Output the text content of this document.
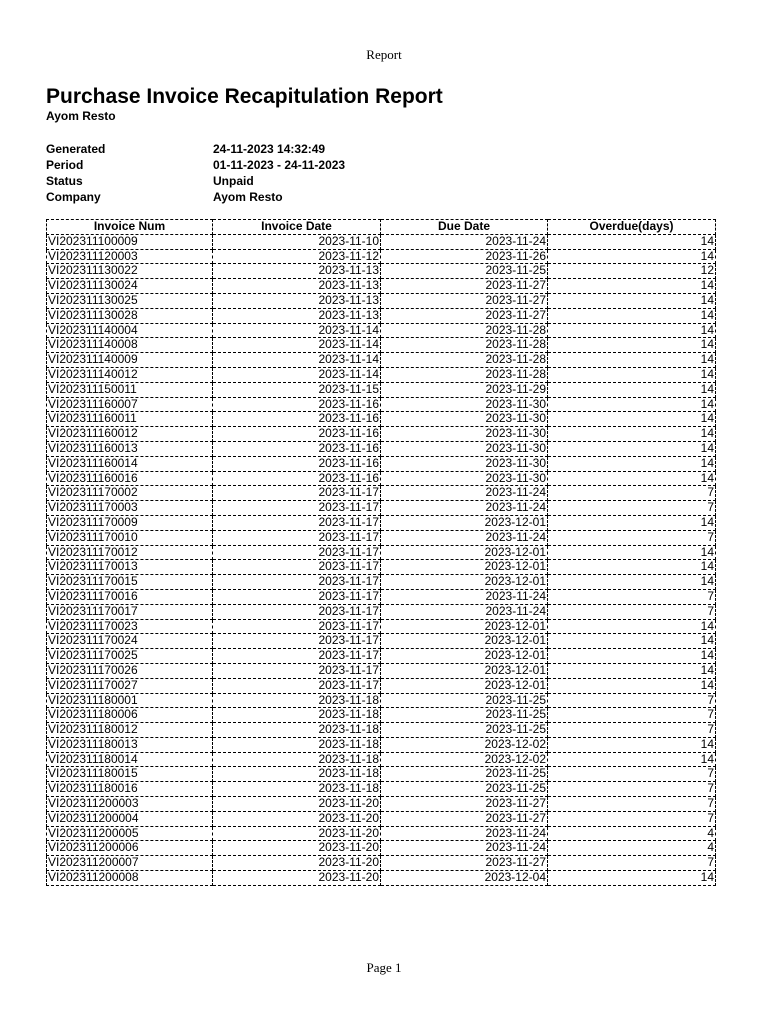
Report
Purchase Invoice Recapitulation Report
Ayom Resto
Generated	24-11-2023 14:32:49
Period	01-11-2023 - 24-11-2023
Status	Unpaid
Company	Ayom Resto
Invoice Num	Invoice Date	Due Date	Overdue(days)
VI202311100009	2023-11-10	2023-11-24	14
VI202311120003	2023-11-12	2023-11-26	14
VI202311130022	2023-11-13	2023-11-25	12
VI202311130024	2023-11-13	2023-11-27	14
VI202311130025	2023-11-13	2023-11-27	14
VI202311130028	2023-11-13	2023-11-27	14
VI202311140004	2023-11-14	2023-11-28	14
VI202311140008	2023-11-14	2023-11-28	14
VI202311140009	2023-11-14	2023-11-28	14
VI202311140012	2023-11-14	2023-11-28	14
VI202311150011	2023-11-15	2023-11-29	14
VI202311160007	2023-11-16	2023-11-30	14
VI202311160011	2023-11-16	2023-11-30	14
VI202311160012	2023-11-16	2023-11-30	14
VI202311160013	2023-11-16	2023-11-30	14
VI202311160014	2023-11-16	2023-11-30	14
VI202311160016	2023-11-16	2023-11-30	14
VI202311170002	2023-11-17	2023-11-24	7
VI202311170003	2023-11-17	2023-11-24	7
VI202311170009	2023-11-17	2023-12-01	14
VI202311170010	2023-11-17	2023-11-24	7
VI202311170012	2023-11-17	2023-12-01	14
VI202311170013	2023-11-17	2023-12-01	14
VI202311170015	2023-11-17	2023-12-01	14
VI202311170016	2023-11-17	2023-11-24	7
VI202311170017	2023-11-17	2023-11-24	7
VI202311170023	2023-11-17	2023-12-01	14
VI202311170024	2023-11-17	2023-12-01	14
VI202311170025	2023-11-17	2023-12-01	14
VI202311170026	2023-11-17	2023-12-01	14
VI202311170027	2023-11-17	2023-12-01	14
VI202311180001	2023-11-18	2023-11-25	7
VI202311180006	2023-11-18	2023-11-25	7
VI202311180012	2023-11-18	2023-11-25	7
VI202311180013	2023-11-18	2023-12-02	14
VI202311180014	2023-11-18	2023-12-02	14
VI202311180015	2023-11-18	2023-11-25	7
VI202311180016	2023-11-18	2023-11-25	7
VI202311200003	2023-11-20	2023-11-27	7
VI202311200004	2023-11-20	2023-11-27	7
VI202311200005	2023-11-20	2023-11-24	4
VI202311200006	2023-11-20	2023-11-24	4
VI202311200007	2023-11-20	2023-11-27	7
VI202311200008	2023-11-20	2023-12-04	14
Page 1
